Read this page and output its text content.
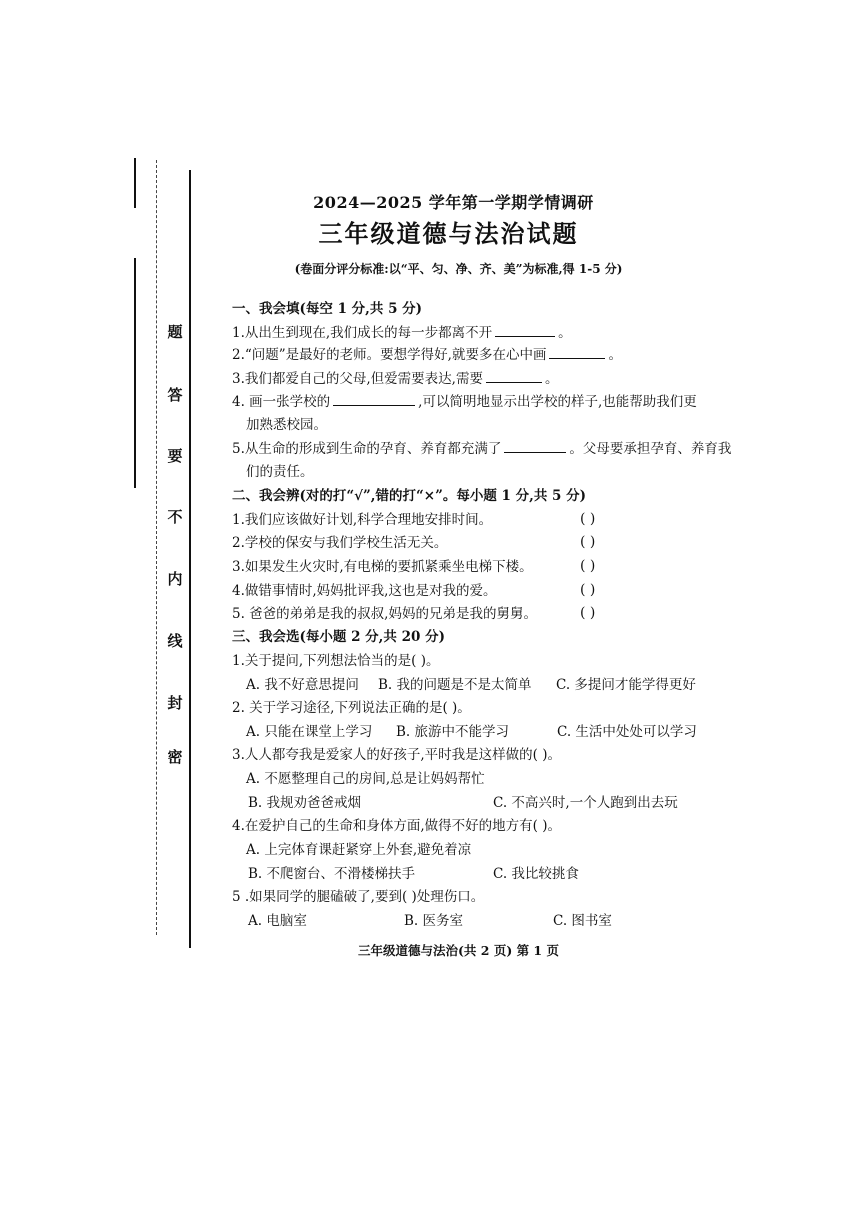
题
答
要
不
内
线
封
密
2024—2025 学年第一学期学情调研
三年级道德与法治试题
(卷面分评分标准:以“平、匀、净、齐、美”为标准,得 1-5 分)
一、我会填(每空 1 分,共 5 分)
1.从出生到现在,我们成长的每一步都离不开	。
2.“问题”是最好的老师。要想学得好,就要多在心中画	。
3.我们都爱自己的父母,但爱需要表达,需要	。
4. 画一张学校的	,可以简明地显示出学校的样子,也能帮助我们更
加熟悉校园。
5.从生命的形成到生命的孕育、养育都充满了	。父母要承担孕育、养育我
们的责任。
二、我会辨(对的打“√”,错的打“×”。每小题 1 分,共 5 分)
1.我们应该做好计划,科学合理地安排时间。	( )
2.学校的保安与我们学校生活无关。	( )
3.如果发生火灾时,有电梯的要抓紧乘坐电梯下楼。	( )
4.做错事情时,妈妈批评我,这也是对我的爱。	( )
5. 爸爸的弟弟是我的叔叔,妈妈的兄弟是我的舅舅。	( )
三、我会选(每小题 2 分,共 20 分)
1.关于提问,下列想法恰当的是( )。
A. 我不好意思提问 B. 我的问题是不是太简单 C. 多提问才能学得更好
2. 关于学习途径,下列说法正确的是( )。
A. 只能在课堂上学习 B. 旅游中不能学习	C. 生活中处处可以学习
3.人人都夸我是爱家人的好孩子,平时我是这样做的( )。
A. 不愿整理自己的房间,总是让妈妈帮忙
B. 我规劝爸爸戒烟	C. 不高兴时,一个人跑到出去玩
4.在爱护自己的生命和身体方面,做得不好的地方有( )。
A. 上完体育课赶紧穿上外套,避免着凉
B. 不爬窗台、不滑楼梯扶手	C. 我比较挑食
5 .如果同学的腿磕破了,要到( )处理伤口。
A. 电脑室	B. 医务室	C. 图书室
三年级道德与法治(共 2 页) 第 1 页
